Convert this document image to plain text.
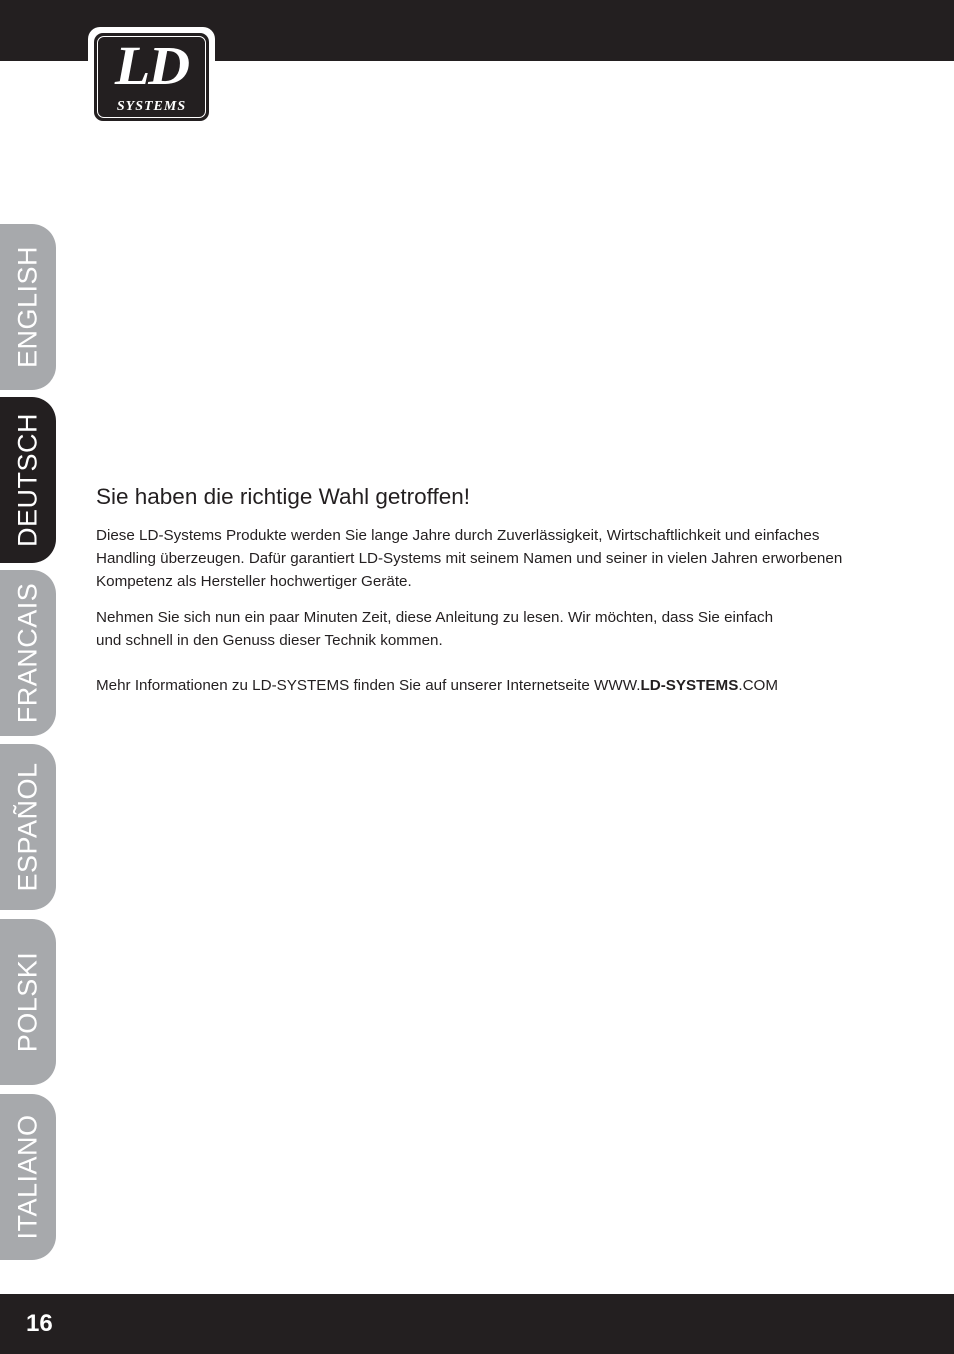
LD
SYSTEMS
ENGLISH
DEUTSCH
FRANCAIS
ESPAÑOL
POLSKI
ITALIANO
Sie haben die richtige Wahl getroffen!
Diese LD-Systems Produkte werden Sie lange Jahre durch Zuverlässigkeit, Wirtschaftlichkeit und einfaches
Handling überzeugen. Dafür garantiert LD-Systems mit seinem Namen und seiner in vielen Jahren erworbenen
Kompetenz als Hersteller hochwertiger Geräte.
Nehmen Sie sich nun ein paar Minuten Zeit, diese Anleitung zu lesen. Wir möchten, dass Sie einfach
und schnell in den Genuss dieser Technik kommen.
Mehr Informationen zu LD-SYSTEMS finden Sie auf unserer Internetseite WWW.LD-SYSTEMS.COM
16
